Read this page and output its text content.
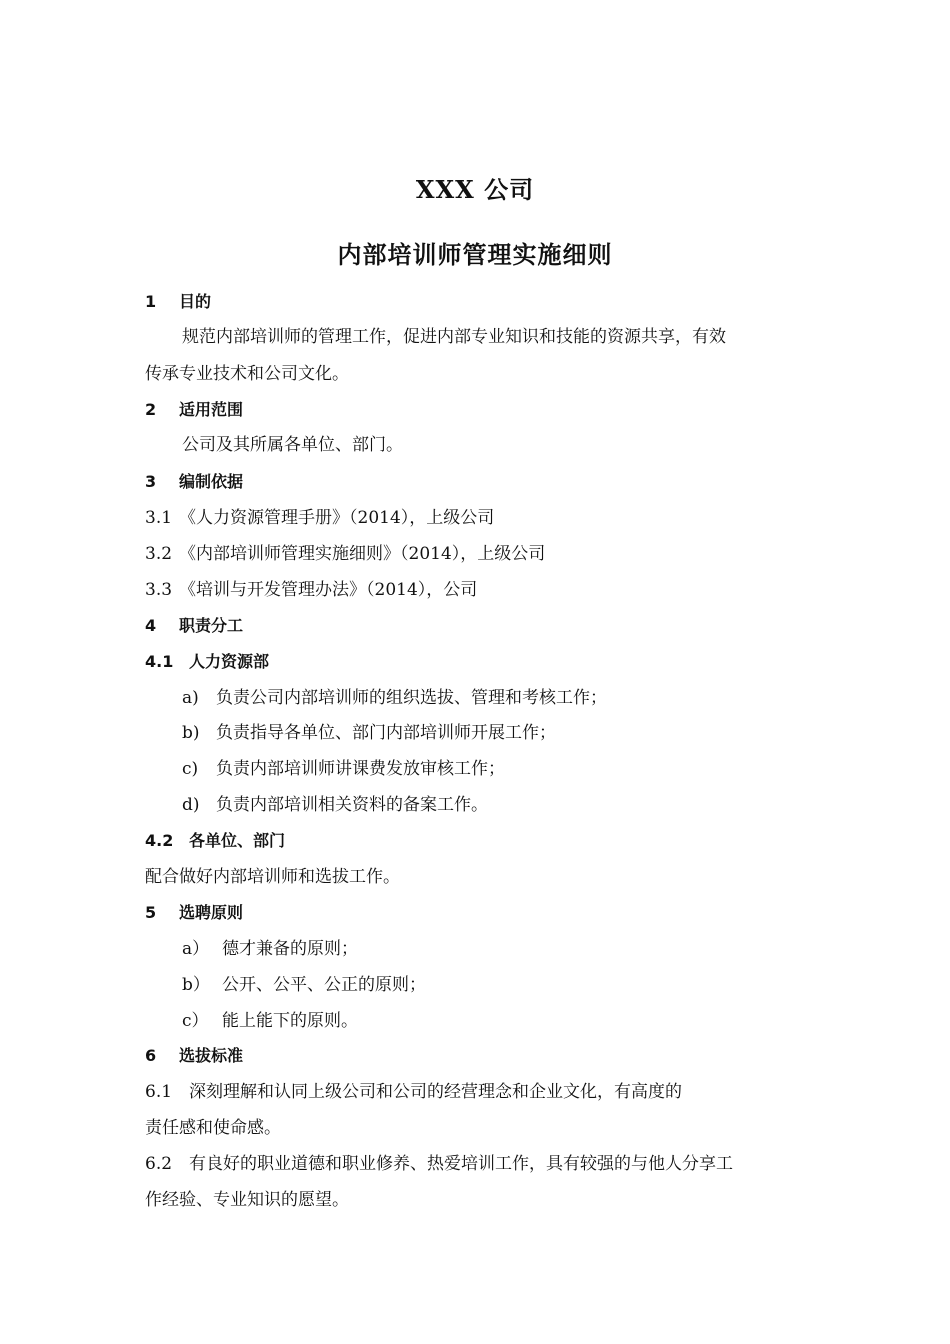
XXX 公司
内部培训师管理实施细则
1 目的
规范内部培训师的管理工作，促进内部专业知识和技能的资源共享，有效
传承专业技术和公司文化。
2 适用范围
公司及其所属各单位、部门。
3 编制依据
3.1 《人力资源管理手册》（2014），上级公司
3.2 《内部培训师管理实施细则》（2014），上级公司
3.3 《培训与开发管理办法》（2014），公司
4 职责分工
4.1 人力资源部
a) 负责公司内部培训师的组织选拔、管理和考核工作；
b) 负责指导各单位、部门内部培训师开展工作；
c) 负责内部培训师讲课费发放审核工作；
d) 负责内部培训相关资料的备案工作。
4.2 各单位、部门
配合做好内部培训师和选拔工作。
5 选聘原则
a） 德才兼备的原则；
b） 公开、公平、公正的原则；
c） 能上能下的原则。
6 选拔标准
6.1 深刻理解和认同上级公司和公司的经营理念和企业文化，有高度的
责任感和使命感。
6.2 有良好的职业道德和职业修养、热爱培训工作，具有较强的与他人分享工
作经验、专业知识的愿望。
